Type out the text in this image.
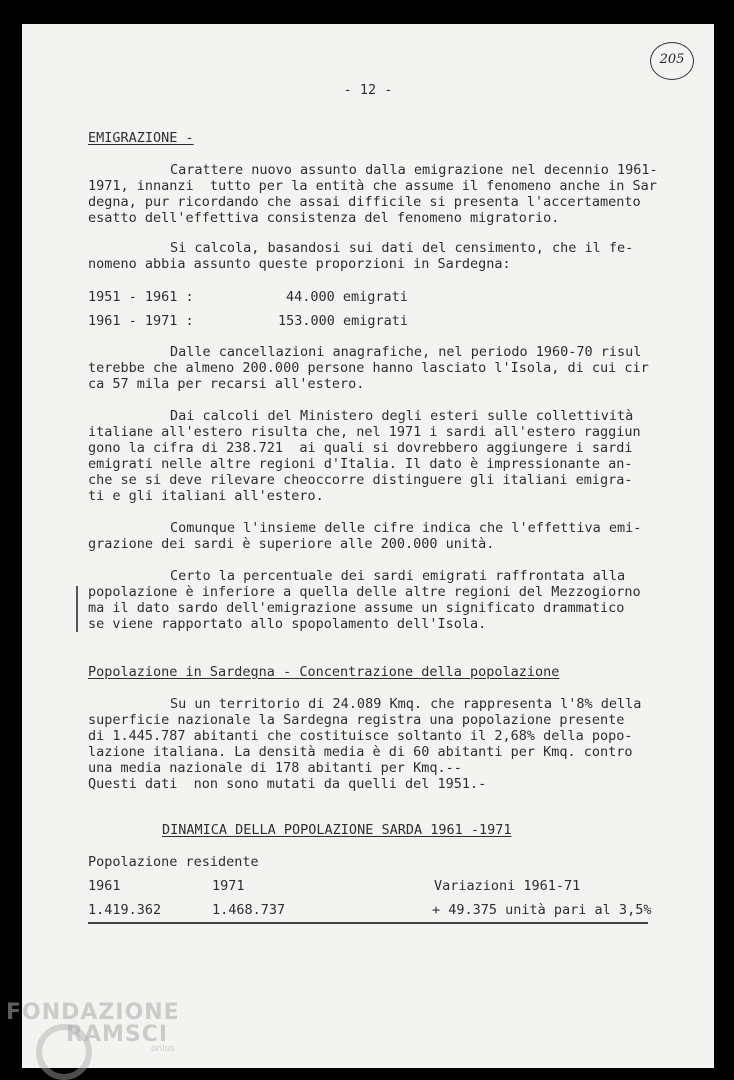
205
- 12 -
EMIGRAZIONE -
Carattere nuovo assunto dalla emigrazione nel decennio 1961-
1971, innanzi  tutto per la entità che assume il fenomeno anche in Sar
degna, pur ricordando che assai difficile si presenta l'accertamento
esatto dell'effettiva consistenza del fenomeno migratorio.
Si calcola, basandosi sui dati del censimento, che il fe-
nomeno abbia assunto queste proporzioni in Sardegna:
1951 - 1961 :	44.000 emigrati
1961 - 1971 :	153.000 emigrati
Dalle cancellazioni anagrafiche, nel periodo 1960-70 risul
terebbe che almeno 200.000 persone hanno lasciato l'Isola, di cui cir
ca 57 mila per recarsi all'estero.
Dai calcoli del Ministero degli esteri sulle collettività
italiane all'estero risulta che, nel 1971 i sardi all'estero raggiun
gono la cifra di 238.721  ai quali si dovrebbero aggiungere i sardi
emigrati nelle altre regioni d'Italia. Il dato è impressionante an-
che se si deve rilevare cheoccorre distinguere gli italiani emigra-
ti e gli italiani all'estero.
Comunque l'insieme delle cifre indica che l'effettiva emi-
grazione dei sardi è superiore alle 200.000 unità.
Certo la percentuale dei sardi emigrati raffrontata alla
popolazione è inferiore a quella delle altre regioni del Mezzogiorno
ma il dato sardo dell'emigrazione assume un significato drammatico
se viene rapportato allo spopolamento dell'Isola.
Popolazione in Sardegna - Concentrazione della popolazione
Su un territorio di 24.089 Kmq. che rappresenta l'8% della
superficie nazionale la Sardegna registra una popolazione presente
di 1.445.787 abitanti che costituisce soltanto il 2,68% della popo-
lazione italiana. La densità media è di 60 abitanti per Kmq. contro
una media nazionale di 178 abitanti per Kmq.--
Questi dati  non sono mutati da quelli del 1951.-
DINAMICA DELLA POPOLAZIONE SARDA 1961 -1971
Popolazione residente
1961	1971	Variazioni 1961-71
1.419.362	1.468.737	+ 49.375 unità pari al 3,5%
FONDAZIONE
RAMSCI
onlus
